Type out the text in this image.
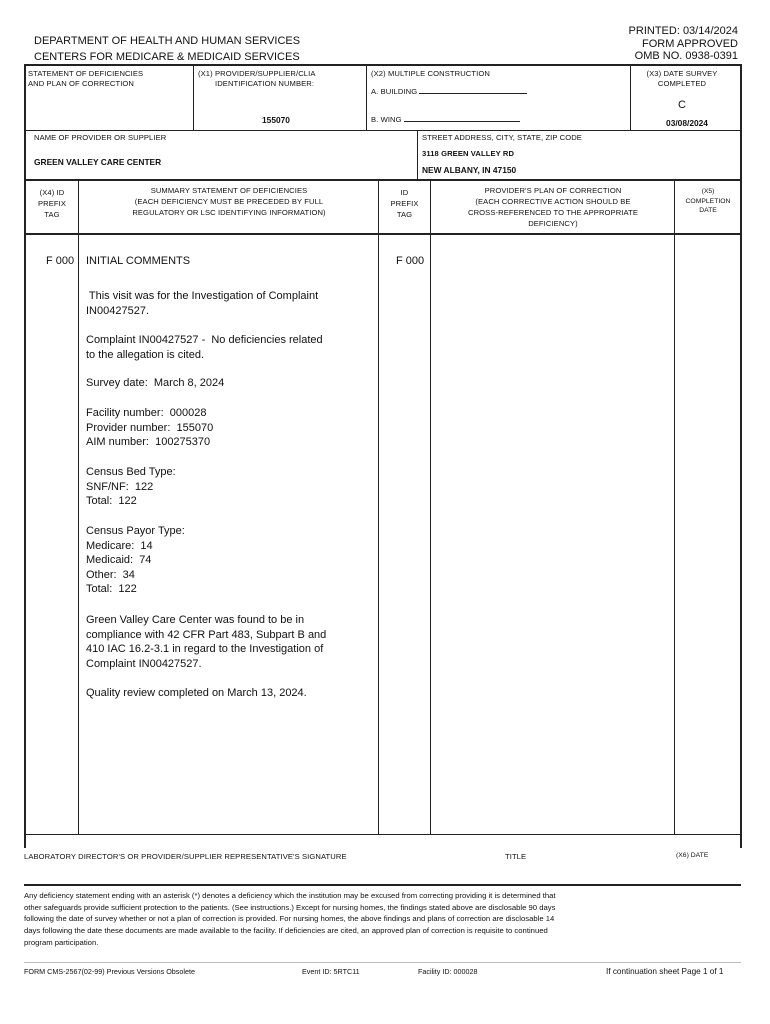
PRINTED: 03/14/2024
FORM APPROVED
OMB NO. 0938-0391
DEPARTMENT OF HEALTH AND HUMAN SERVICES
CENTERS FOR MEDICARE & MEDICAID SERVICES
STATEMENT OF DEFICIENCIES
AND PLAN OF CORRECTION
(X1) PROVIDER/SUPPLIER/CLIA
IDENTIFICATION NUMBER:
155070
(X2) MULTIPLE CONSTRUCTION
A. BUILDING
B. WING
(X3) DATE SURVEY
COMPLETED
C
03/08/2024
NAME OF PROVIDER OR SUPPLIER
GREEN VALLEY CARE CENTER
STREET ADDRESS, CITY, STATE, ZIP CODE
3118 GREEN VALLEY RD
NEW ALBANY, IN 47150
(X4) ID
PREFIX
TAG
SUMMARY STATEMENT OF DEFICIENCIES
(EACH DEFICIENCY MUST BE PRECEDED BY FULL
REGULATORY OR LSC IDENTIFYING INFORMATION)
ID
PREFIX
TAG
PROVIDER'S PLAN OF CORRECTION
(EACH CORRECTIVE ACTION SHOULD BE
CROSS-REFERENCED TO THE APPROPRIATE
DEFICIENCY)
(X5)
COMPLETION
DATE
F 000 INITIAL COMMENTS	F 000
This visit was for the Investigation of Complaint
IN00427527.
Complaint IN00427527 -  No deficiencies related
to the allegation is cited.
Survey date:  March 8, 2024
Facility number:  000028
Provider number:  155070
AIM number:  100275370
Census Bed Type:
SNF/NF:  122
Total:  122
Census Payor Type:
Medicare:  14
Medicaid:  74
Other:  34
Total:  122
Green Valley Care Center was found to be in
compliance with 42 CFR Part 483, Subpart B and
410 IAC 16.2-3.1 in regard to the Investigation of
Complaint IN00427527.
Quality review completed on March 13, 2024.
LABORATORY DIRECTOR'S OR PROVIDER/SUPPLIER REPRESENTATIVE'S SIGNATURE	TITLE	(X6) DATE
Any deficiency statement ending with an asterisk (*) denotes a deficiency which the institution may be excused from correcting providing it is determined that
other safeguards provide sufficient protection to the patients. (See instructions.) Except for nursing homes, the findings stated above are disclosable 90 days
following the date of survey whether or not a plan of correction is provided. For nursing homes, the above findings and plans of correction are disclosable 14
days following the date these documents are made available to the facility. If deficiencies are cited, an approved plan of correction is requisite to continued
program participation.
FORM CMS-2567(02-99) Previous Versions Obsolete	Event ID: 5RTC11	Facility ID: 000028	If continuation sheet Page 1 of 1
